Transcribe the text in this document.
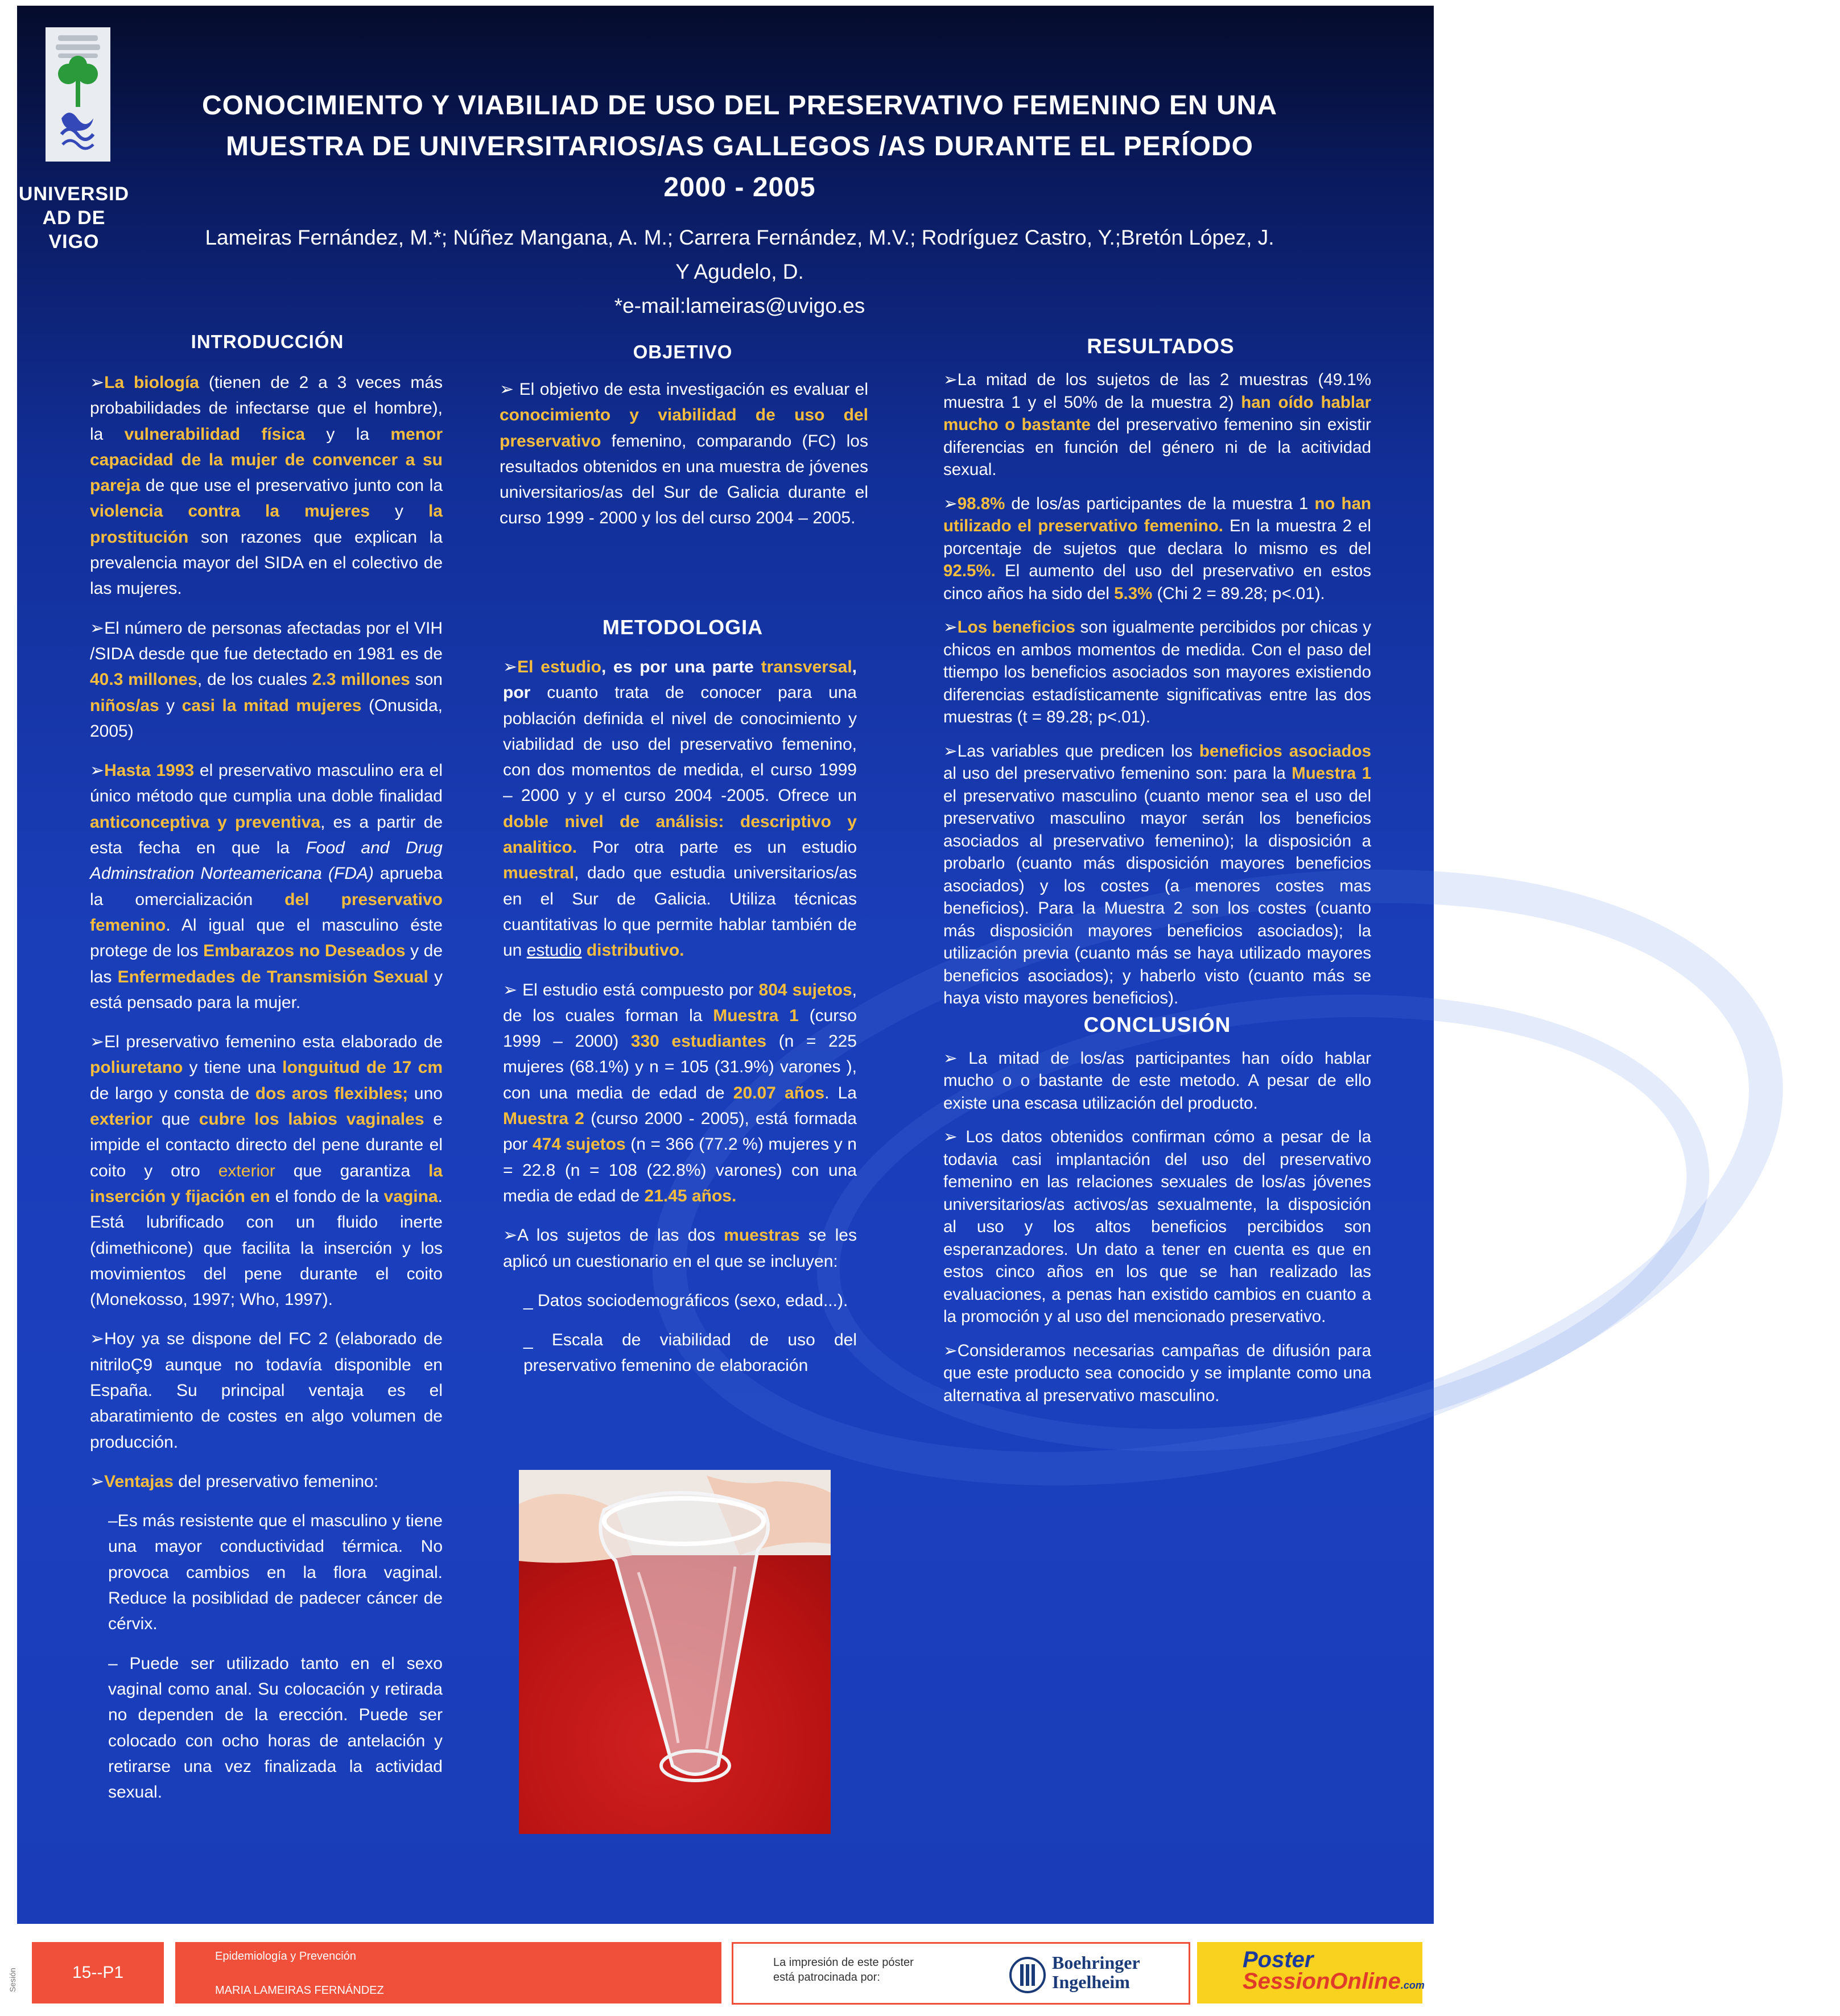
UNIVERSID
AD DE VIGO
CONOCIMIENTO Y VIABILIAD DE USO DEL PRESERVATIVO FEMENINO EN UNA
MUESTRA DE UNIVERSITARIOS/AS GALLEGOS /AS DURANTE EL PERÍODO
2000 - 2005
Lameiras Fernández, M.*; Núñez Mangana, A. M.; Carrera Fernández, M.V.; Rodríguez Castro, Y.;Bretón López, J.
Y Agudelo, D.
*e-mail:lameiras@uvigo.es
INTRODUCCIÓN	OBJETIVO
METODOLOGIA
RESULTADOS

➢La biología (tienen de 2 a 3 veces más probabilidades de infectarse que el hombre), la vulnerabilidad física y la menor capacidad de la mujer de convencer a su pareja de que use el preservativo junto con la violencia contra la mujeres y la prostitución son razones que explican la prevalencia mayor del SIDA en el colectivo de las mujeres.

➢El número de personas afectadas por el VIH /SIDA desde que fue detectado en 1981 es de 40.3 millones, de los cuales 2.3 millones son niños/as y casi la mitad mujeres (Onusida, 2005)

➢Hasta 1993 el preservativo masculino era el único método que cumplia una doble finalidad anticonceptiva y preventiva, es a partir de esta fecha en que la Food and Drug Adminstration Norteamericana (FDA) aprueba la omercialización del preservativo femenino. Al igual que el masculino éste protege de los Embarazos no Deseados y de las Enfermedades de Transmisión Sexual y está pensado para la mujer.

➢El preservativo femenino esta elaborado de poliuretano y tiene una longuitud de 17 cm de largo y consta de dos aros flexibles; uno exterior que cubre los labios vaginales e impide el contacto directo del pene durante el coito y otro exterior que garantiza la inserción y fijación en el fondo de la vagina. Está lubrificado con un fluido inerte (dimethicone) que facilita la inserción y los movimientos del pene durante el coito (Monekosso, 1997; Who, 1997).

➢Hoy ya se dispone del FC 2 (elaborado de nitriloÇ9 aunque no todavía disponible en España. Su principal ventaja es el abaratimiento de costes en algo volumen de producción.

➢Ventajas del preservativo femenino:

–Es más resistente que el masculino y tiene una mayor conductividad térmica. No provoca cambios en la flora vaginal. Reduce la posiblidad de padecer cáncer de cérvix.

– Puede ser utilizado tanto en el sexo vaginal como anal. Su colocación y retirada no dependen de la erección. Puede ser colocado con ocho horas de antelación y retirarse una vez finalizada la actividad sexual.

➢ El objetivo de esta investigación es evaluar el conocimiento y viabilidad de uso del preservativo femenino, comparando (FC) los resultados obtenidos en una muestra de jóvenes universitarios/as del Sur de Galicia durante el curso 1999 - 2000 y los del curso 2004 – 2005.

➢El estudio, es por una parte transversal, por cuanto trata de conocer para una población definida el nivel de conocimiento y viabilidad de uso del preservativo femenino, con dos momentos de medida, el curso 1999 – 2000 y y el curso 2004 -2005. Ofrece un doble nivel de análisis: descriptivo y analitico. Por otra parte es un estudio muestral, dado que estudia universitarios/as en el Sur de Galicia. Utiliza técnicas cuantitativas lo que permite hablar también de un estudio distributivo.

➢ El estudio está compuesto por 804 sujetos, de los cuales forman la Muestra 1 (curso 1999 – 2000) 330 estudiantes (n = 225 mujeres (68.1%) y n = 105 (31.9%) varones ), con una media de edad de 20.07 años. La Muestra 2 (curso 2000 - 2005), está formada por 474 sujetos (n = 366 (77.2 %) mujeres y n = 22.8 (n = 108 (22.8%) varones) con una media de edad de 21.45 años.

➢A los sujetos de las dos muestras se les aplicó un cuestionario en el que se incluyen:

_ Datos sociodemográficos (sexo, edad...).

_ Escala de viabilidad de uso del preservativo femenino de elaboración

➢La mitad de los sujetos de las 2 muestras (49.1% muestra 1 y el 50% de la muestra 2) han oído hablar mucho o bastante del preservativo femenino sin existir diferencias en función del género ni de la acitividad sexual.

➢98.8% de los/as participantes de la muestra 1 no han utilizado el preservativo femenino. En la muestra 2 el porcentaje de sujetos que declara lo mismo es del 92.5%. El aumento del uso del preservativo en estos cinco años ha sido del 5.3% (Chi 2 = 89.28; p<.01).

➢Los beneficios son igualmente percibidos por chicas y chicos en ambos momentos de medida. Con el paso del ttiempo los beneficios asociados son mayores existiendo diferencias estadísticamente significativas entre las dos muestras (t = 89.28; p<.01).

➢Las variables que predicen los beneficios asociados al uso del preservativo femenino son: para la Muestra 1 el preservativo masculino (cuanto menor sea el uso del preservativo masculino mayor serán los beneficios asociados al preservativo femenino); la disposición a probarlo (cuanto más disposición mayores beneficios asociados) y los costes (a menores costes mas beneficios). Para la Muestra 2 son los costes (cuanto más disposición mayores beneficios asociados); la utilización previa (cuanto más se haya utilizado mayores beneficios asociados); y haberlo visto (cuanto más se haya visto mayores beneficios).

CONCLUSIÓN

➢ La mitad de los/as participantes han oído hablar mucho o o bastante de este metodo. A pesar de ello existe una escasa utilización del producto.

➢ Los datos obtenidos confirman cómo a pesar de la todavia casi implantación del uso del preservativo femenino en las relaciones sexuales de los/as jóvenes universitarios/as activos/as sexualmente, la disposición al uso y los altos beneficios percibidos son esperanzadores. Un dato a tener en cuenta es que en estos cinco años en los que se han realizado las evaluaciones, a penas han existido cambios en cuanto a la promoción y al uso del mencionado preservativo.

➢Consideramos necesarias campañas de difusión para que este producto sea conocido y se implante como una alternativa al preservativo masculino.

Sesión	15--P1
Epidemiología y Prevención
MARIA LAMEIRAS FERNÁNDEZ
La impresión de este póster
está patrocinada por:
Boehringer
Ingelheim
Poster
SessionOnline.com
